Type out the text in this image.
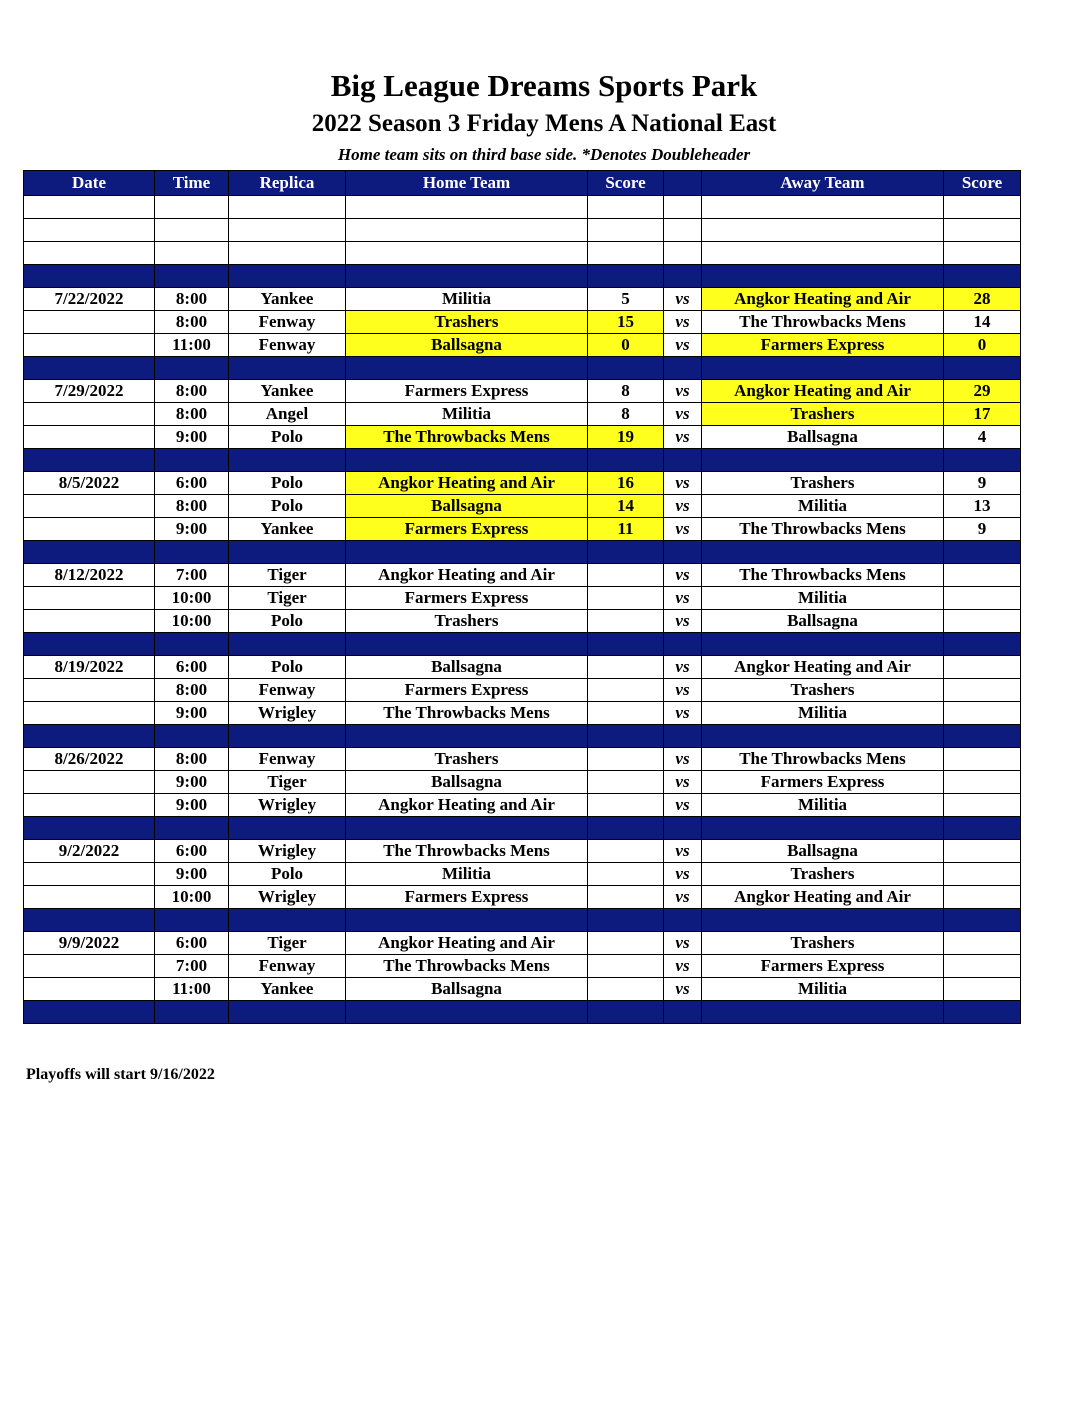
Big League Dreams Sports Park
2022 Season 3 Friday Mens A National East
Home team sits on third base side. *Denotes Doubleheader
Date	Time	Replica	Home Team	Score		Away Team	Score

7/22/2022	8:00	Yankee	Militia	5	vs	Angkor Heating and Air	28
	8:00	Fenway	Trashers	15	vs	The Throwbacks Mens	14
	11:00	Fenway	Ballsagna	0	vs	Farmers Express	0

7/29/2022	8:00	Yankee	Farmers Express	8	vs	Angkor Heating and Air	29
	8:00	Angel	Militia	8	vs	Trashers	17
	9:00	Polo	The Throwbacks Mens	19	vs	Ballsagna	4

8/5/2022	6:00	Polo	Angkor Heating and Air	16	vs	Trashers	9
	8:00	Polo	Ballsagna	14	vs	Militia	13
	9:00	Yankee	Farmers Express	11	vs	The Throwbacks Mens	9

8/12/2022	7:00	Tiger	Angkor Heating and Air		vs	The Throwbacks Mens	
	10:00	Tiger	Farmers Express		vs	Militia	
	10:00	Polo	Trashers		vs	Ballsagna	

8/19/2022	6:00	Polo	Ballsagna		vs	Angkor Heating and Air	
	8:00	Fenway	Farmers Express		vs	Trashers	
	9:00	Wrigley	The Throwbacks Mens		vs	Militia	

8/26/2022	8:00	Fenway	Trashers		vs	The Throwbacks Mens	
	9:00	Tiger	Ballsagna		vs	Farmers Express	
	9:00	Wrigley	Angkor Heating and Air		vs	Militia	

9/2/2022	6:00	Wrigley	The Throwbacks Mens		vs	Ballsagna	
	9:00	Polo	Militia		vs	Trashers	
	10:00	Wrigley	Farmers Express		vs	Angkor Heating and Air	

9/9/2022	6:00	Tiger	Angkor Heating and Air		vs	Trashers	
	7:00	Fenway	The Throwbacks Mens		vs	Farmers Express	
	11:00	Yankee	Ballsagna		vs	Militia	

Playoffs will start 9/16/2022
